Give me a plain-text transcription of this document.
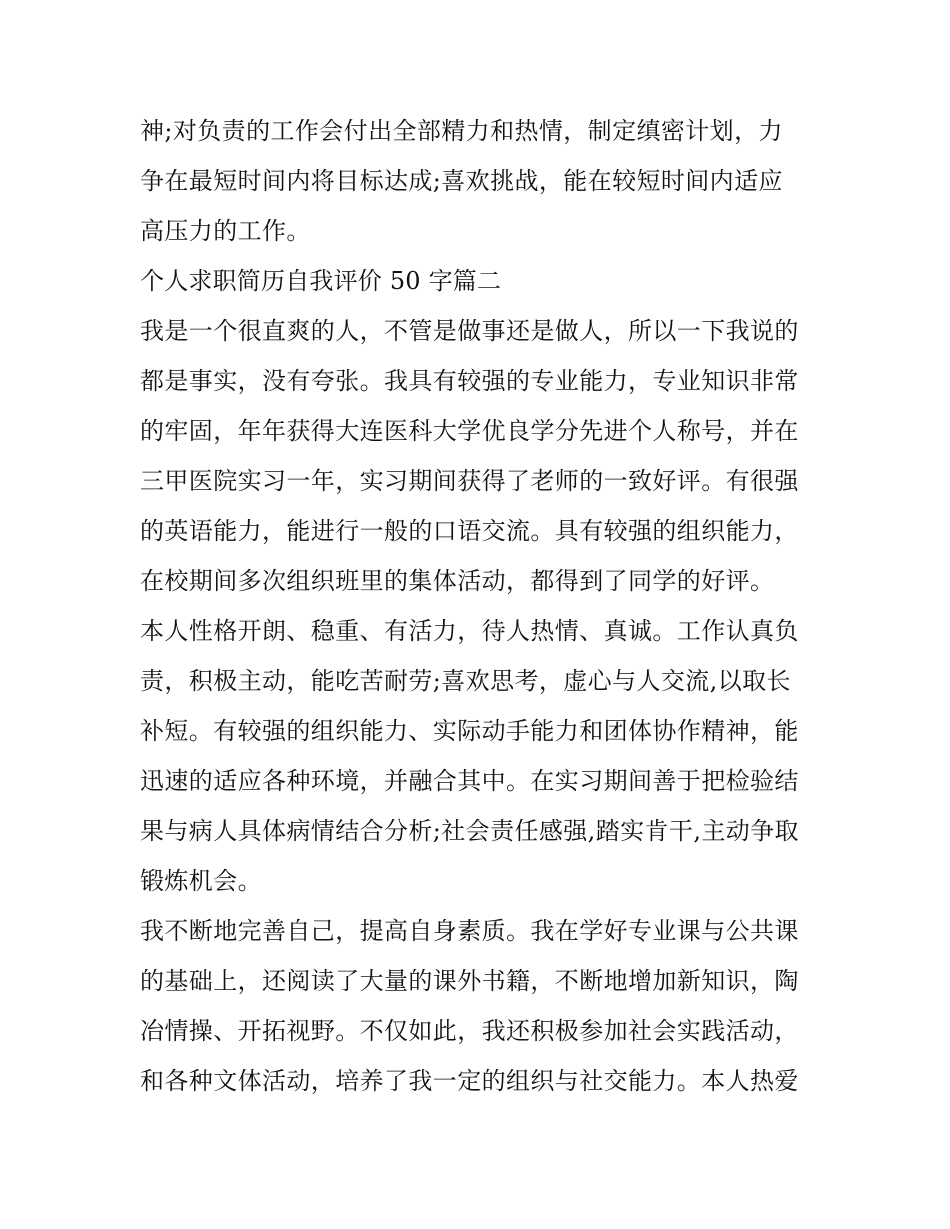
神;对负责的工作会付出全部精力和热情，制定缜密计划，力
争在最短时间内将目标达成;喜欢挑战，能在较短时间内适应
高压力的工作。
个人求职简历自我评价 50 字篇二
我是一个很直爽的人，不管是做事还是做人，所以一下我说的
都是事实，没有夸张。我具有较强的专业能力，专业知识非常
的牢固，年年获得大连医科大学优良学分先进个人称号，并在
三甲医院实习一年，实习期间获得了老师的一致好评。有很强
的英语能力，能进行一般的口语交流。具有较强的组织能力，
在校期间多次组织班里的集体活动，都得到了同学的好评。
本人性格开朗、稳重、有活力，待人热情、真诚。工作认真负
责，积极主动，能吃苦耐劳;喜欢思考，虚心与人交流,以取长
补短。有较强的组织能力、实际动手能力和团体协作精神，能
迅速的适应各种环境，并融合其中。在实习期间善于把检验结
果与病人具体病情结合分析;社会责任感强,踏实肯干,主动争取
锻炼机会。
我不断地完善自己，提高自身素质。我在学好专业课与公共课
的基础上，还阅读了大量的课外书籍，不断地增加新知识，陶
冶情操、开拓视野。不仅如此，我还积极参加社会实践活动，
和各种文体活动，培养了我一定的组织与社交能力。本人热爱
